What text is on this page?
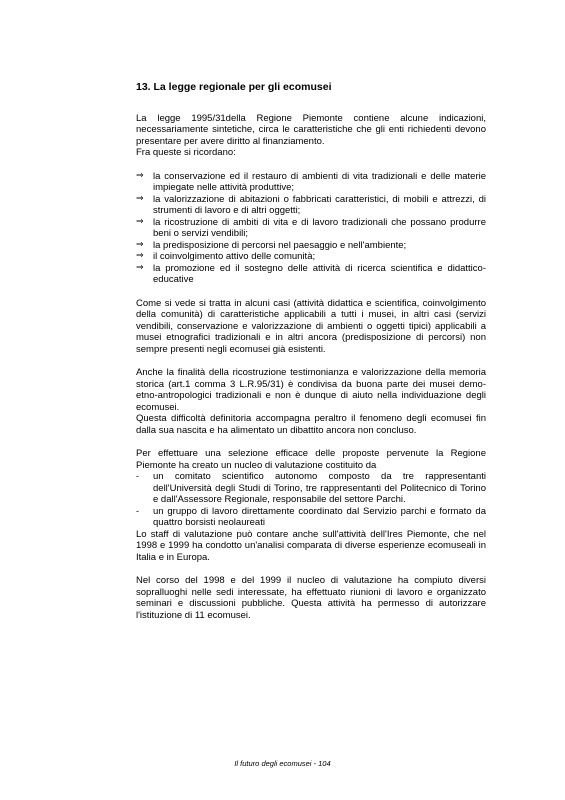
13. La legge regionale per gli ecomusei

La legge 1995/31della Regione Piemonte contiene alcune indicazioni, necessariamente sintetiche, circa le caratteristiche che gli enti richiedenti devono presentare per avere diritto al finanziamento.

Fra queste si ricordano:

⇒ la conservazione ed il restauro di ambienti di vita tradizionali e delle materie impiegate nelle attività produttive;
⇒ la valorizzazione di abitazioni o fabbricati caratteristici, di mobili e attrezzi, di strumenti di lavoro e di altri oggetti;
⇒ la ricostruzione di ambiti di vita e di lavoro tradizionali che possano produrre beni o servizi vendibili;
⇒ la predisposizione di percorsi nel paesaggio e nell'ambiente;
⇒ il coinvolgimento attivo delle comunità;
⇒ la promozione ed il sostegno delle attività di ricerca scientifica e didattico-educative

Come si vede si tratta in alcuni casi (attività didattica e scientifica, coinvolgimento della comunità) di caratteristiche applicabili a tutti i musei, in altri casi (servizi vendibili, conservazione e valorizzazione di ambienti o oggetti tipici) applicabili a musei etnografici tradizionali e in altri ancora (predisposizione di percorsi) non sempre presenti negli ecomusei già esistenti.

Anche la finalità della ricostruzione testimonianza e valorizzazione della memoria storica (art.1 comma 3 L.R.95/31) è condivisa da buona parte dei musei demo-etno-antropologici tradizionali e non è dunque di aiuto nella individuazione degli ecomusei.

Questa difficoltà definitoria accompagna peraltro il fenomeno degli ecomusei fin dalla sua nascita e ha alimentato un dibattito ancora non concluso.

Per effettuare una selezione efficace delle proposte pervenute la Regione Piemonte ha creato un nucleo di valutazione costituito da

-	un comitato scientifico autonomo composto da tre rappresentanti dell'Università degli Studi di Torino, tre rappresentanti del Politecnico di Torino e dall'Assessore Regionale, responsabile del settore Parchi.
-	un gruppo di lavoro direttamente coordinato dal Servizio parchi e formato da quattro borsisti neolaureati

Lo staff di valutazione può contare anche sull'attività dell'Ires Piemonte, che nel 1998 e 1999 ha condotto un'analisi comparata di diverse esperienze ecomuseali in Italia e in Europa.

Nel corso del 1998 e del 1999 il nucleo di valutazione ha compiuto diversi sopralluoghi nelle sedi interessate, ha effettuato riunioni di lavoro e organizzato seminari e discussioni pubbliche. Questa attività ha permesso di autorizzare l'istituzione di 11 ecomusei.

Il futuro degli ecomusei - 104
